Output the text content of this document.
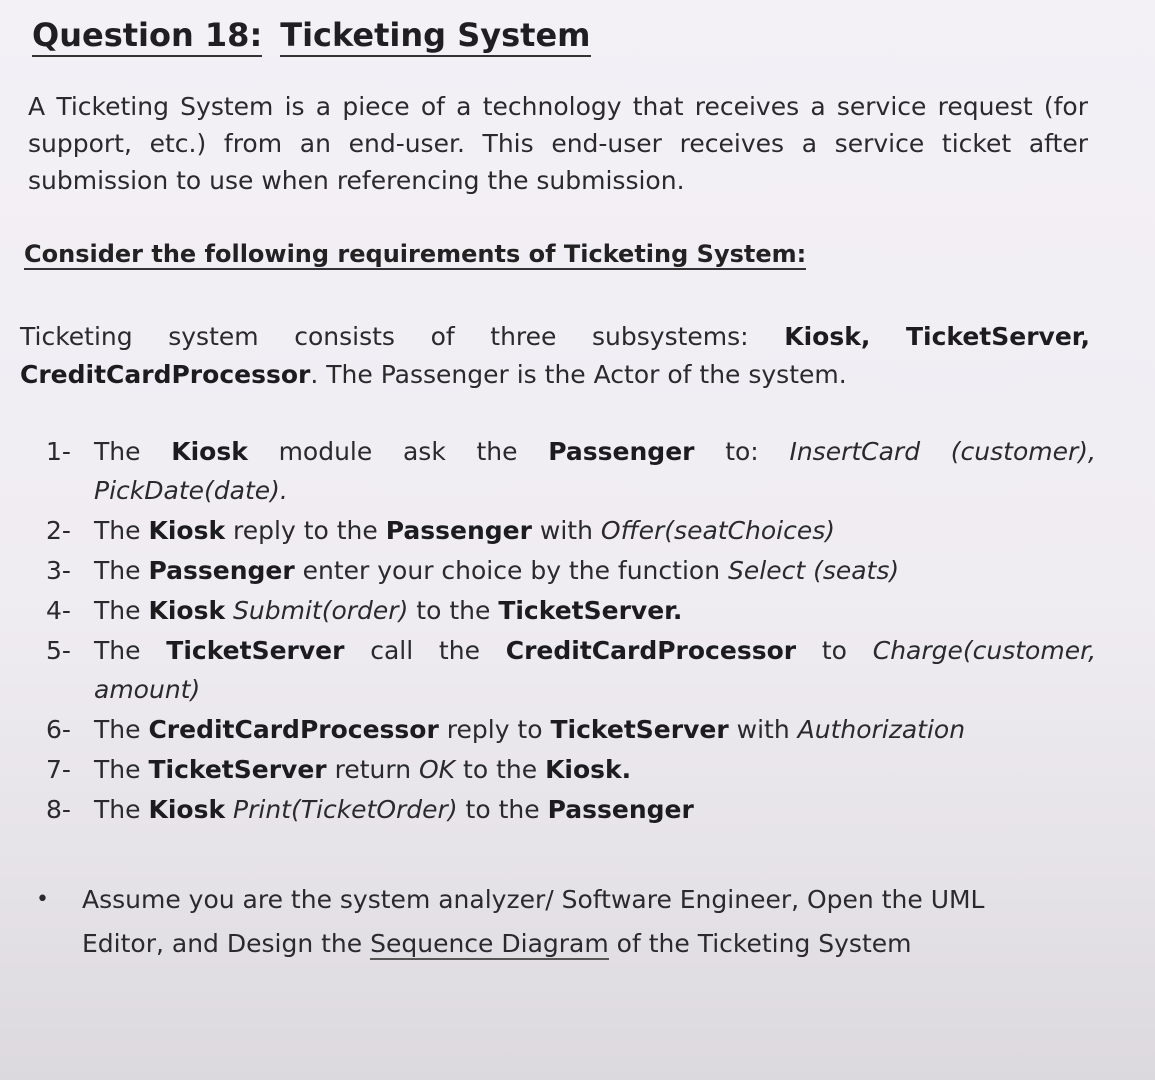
Question 18: Ticketing System
A Ticketing System is a piece of a technology that receives a service request (for support, etc.) from an end-user. This end-user receives a service ticket after submission to use when referencing the submission.
Consider the following requirements of Ticketing System:
Ticketing system consists of three subsystems: Kiosk, TicketServer,
CreditCardProcessor. The Passenger is the Actor of the system.
1- The Kiosk module ask the Passenger to: InsertCard (customer),
PickDate(date).
2- The Kiosk reply to the Passenger with Offer(seatChoices)
3- The Passenger enter your choice by the function Select (seats)
4- The Kiosk Submit(order) to the TicketServer.
5- The TicketServer call the CreditCardProcessor to Charge(customer,
amount)
6- The CreditCardProcessor reply to TicketServer with Authorization
7- The TicketServer return OK to the Kiosk.
8- The Kiosk Print(TicketOrder) to the Passenger
•	Assume you are the system analyzer/ Software Engineer, Open the UML
Editor, and Design the Sequence Diagram of the Ticketing System
